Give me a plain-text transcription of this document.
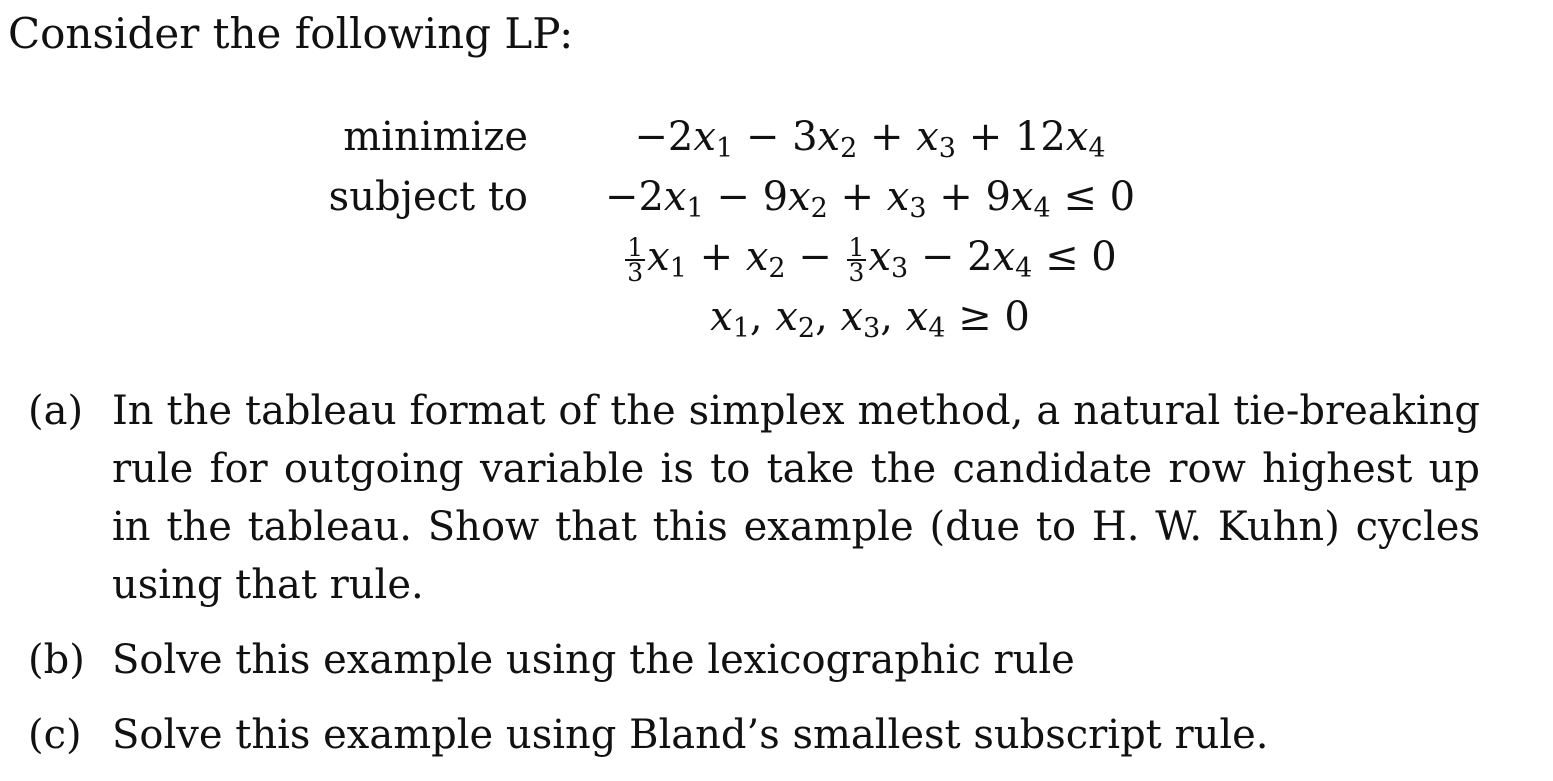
Consider the following LP:
minimize
subject to
$-2x_1 - 3x_2 + x_3 + 12x_4$
$-2x_1 - 9x_2 + x_3 + 9x_4 \le 0$
$\frac{1}{3} x_1 + x_2 - \frac{1}{3} x_3 - 2x_4 \le 0$
$x_1$, $x_2$, $x_3$, $x_4 \ge 0$
(a) In the tableau format of the simplex method, a natural tie-breaking rule for outgoing variable is to take the candidate row highest up in the tableau. Show that this example (due to H. W. Kuhn) cycles using that rule.
(b) Solve this example using the lexicographic rule
(c) Solve this example using Bland’s smallest subscript rule.
